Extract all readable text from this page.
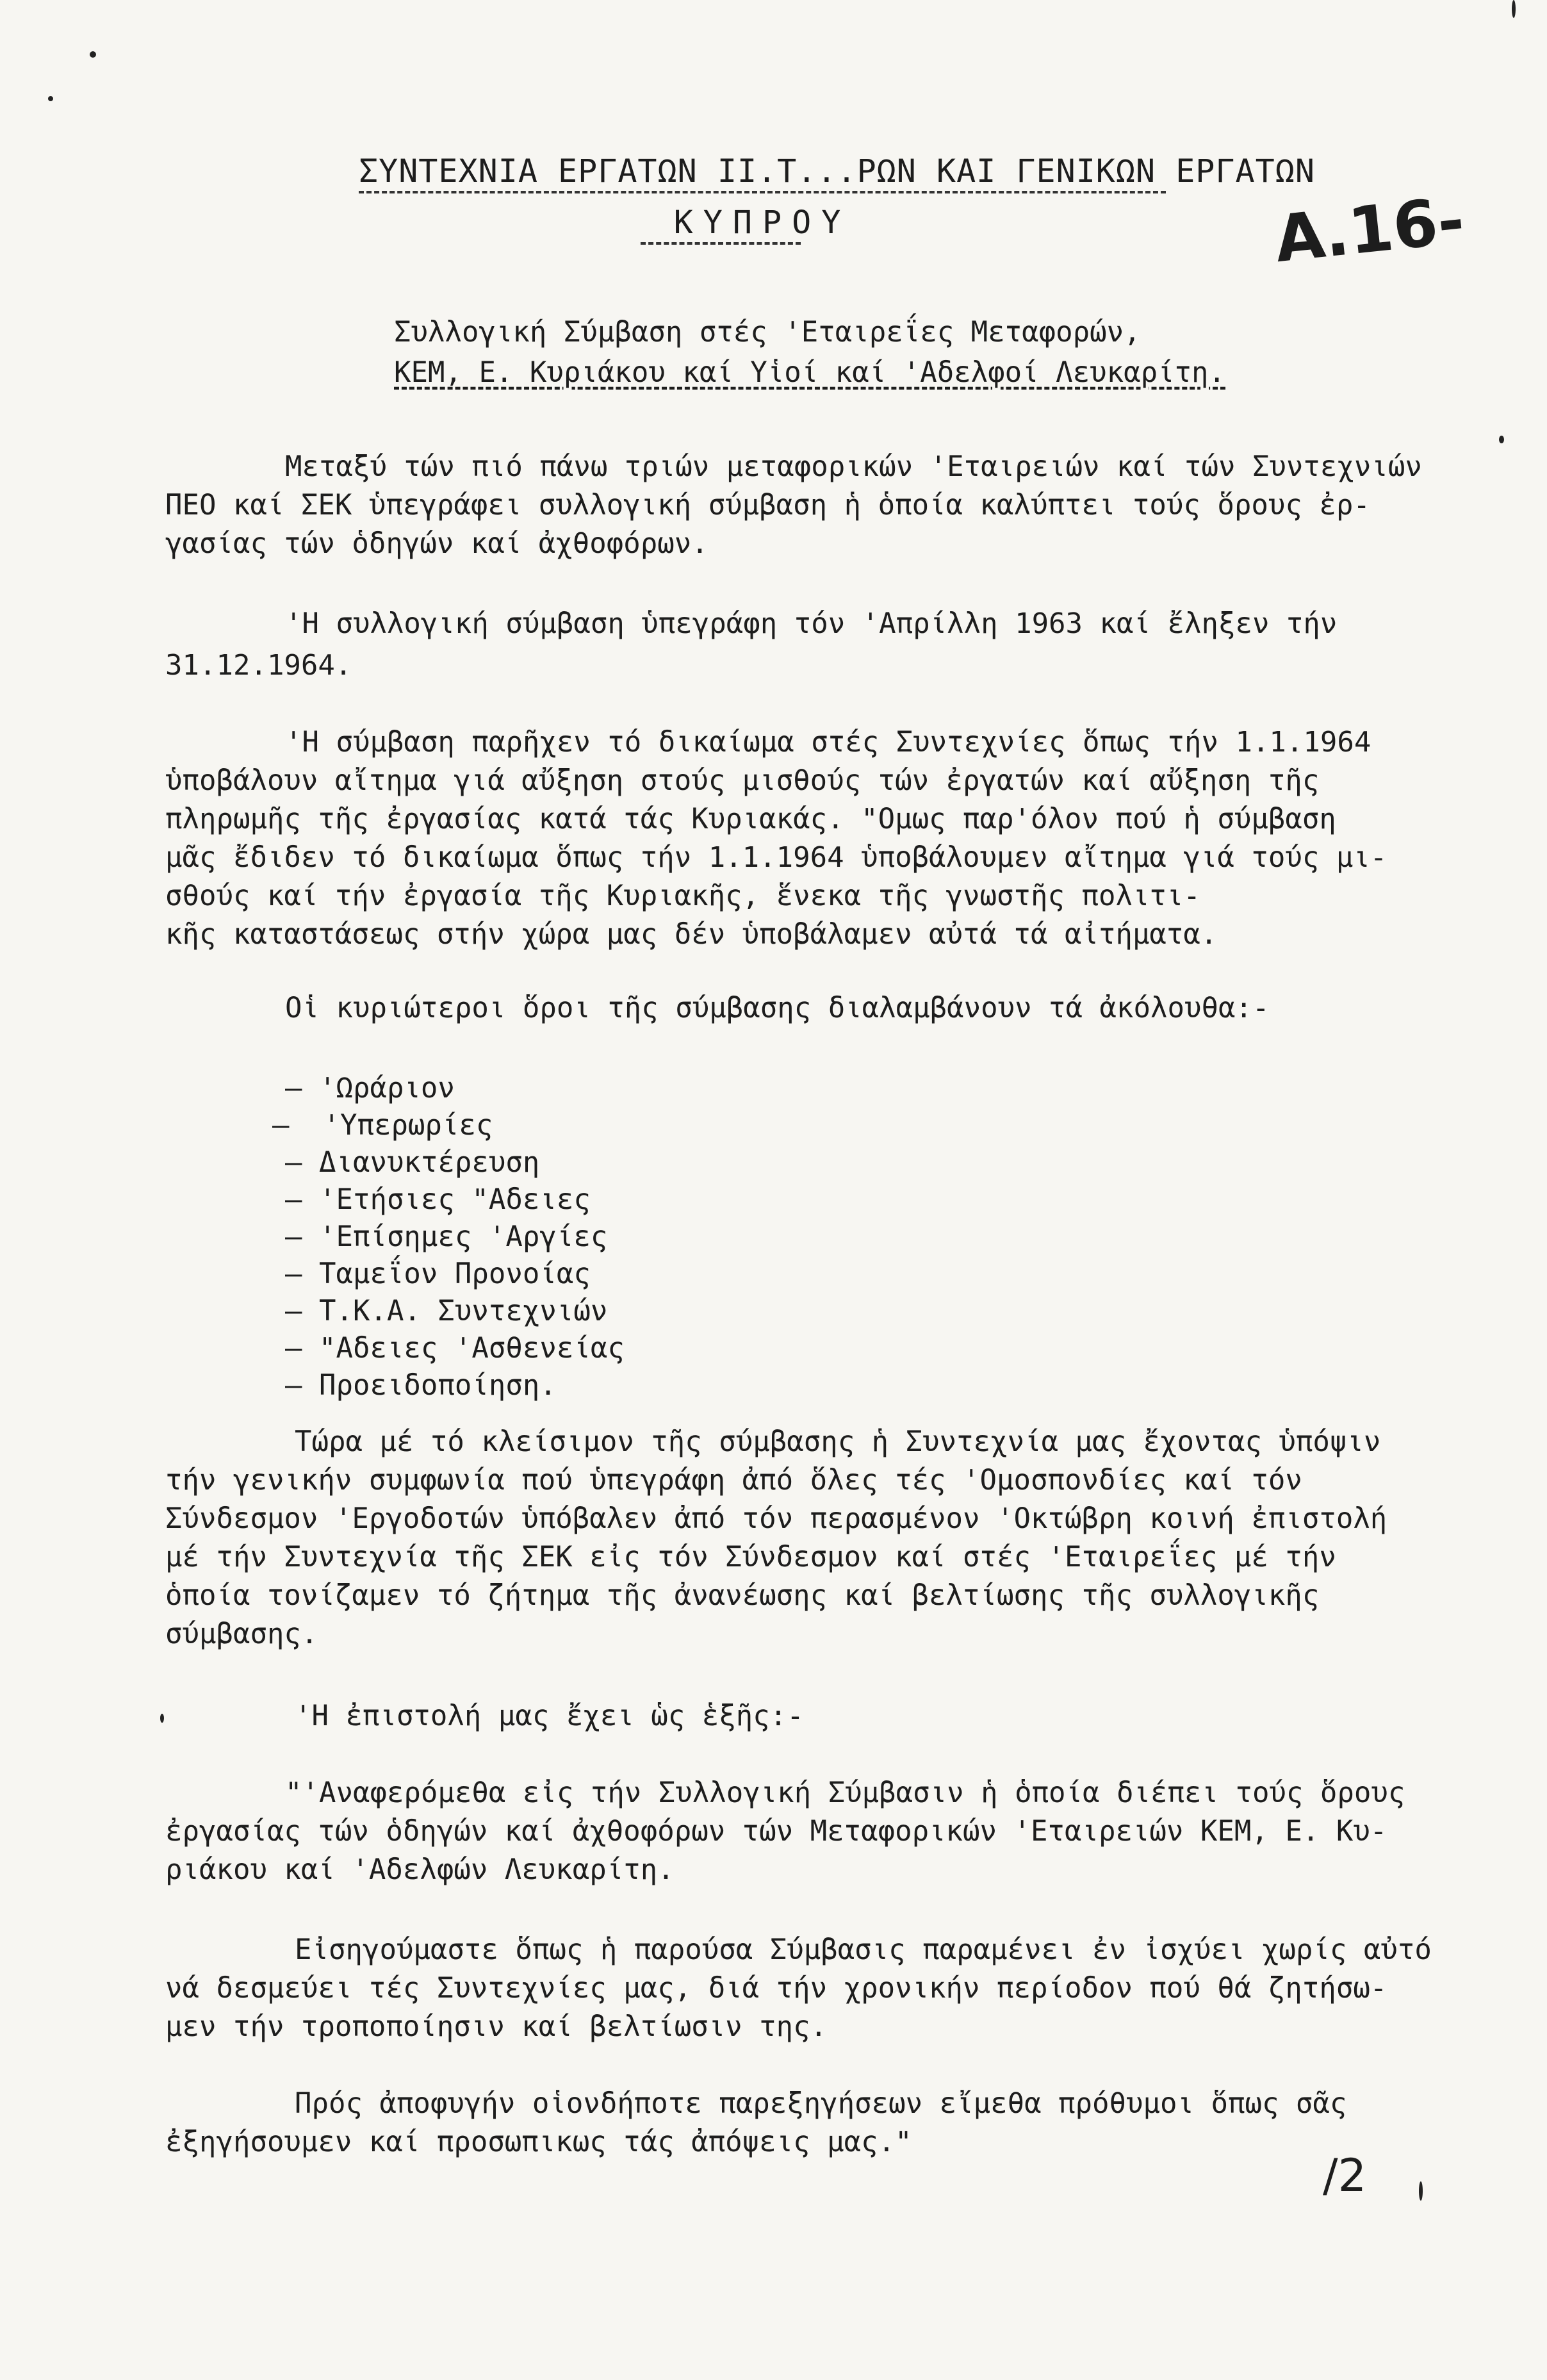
ΣΥΝΤΕΧΝΙΑ ΕΡΓΑΤΩΝ ΙΙ.Τ...ΡΩΝ ΚΑΙ ΓΕΝΙΚΩΝ ΕΡΓΑΤΩΝ
ΚΥΠΡΟΥ	Α.16-
Συλλογική Σύμβαση στές 'Εταιρεΐες Μεταφορών,
ΚΕΜ, Ε. Κυριάκου καί Υἱοί καί 'Αδελφοί Λευκαρίτη.
Μεταξύ τών πιό πάνω τριών μεταφορικών 'Εταιρειών καί τών Συντεχνιών
ΠΕΟ καί ΣΕΚ ὑπεγράφει συλλογική σύμβαση ἡ ὁποία καλύπτει τούς ὅρους ἐρ-
γασίας τών ὁδηγών καί ἀχθοφόρων.
'Η συλλογική σύμβαση ὑπεγράφη τόν 'Απρίλλη 1963 καί ἔληξεν τήν
31.12.1964.
'Η σύμβαση παρῆχεν τό δικαίωμα στές Συντεχνίες ὅπως τήν 1.1.1964
ὑποβάλουν αἴτημα γιά αὔξηση στούς μισθούς τών ἐργατών καί αὔξηση τῆς
πληρωμῆς τῆς ἐργασίας κατά τάς Κυριακάς. "Ομως παρ'όλον πού ἡ σύμβαση
μᾶς ἔδιδεν τό δικαίωμα ὅπως τήν 1.1.1964 ὑποβάλουμεν αἴτημα γιά τούς μι-
σθούς καί τήν ἐργασία τῆς Κυριακῆς, ἕνεκα τῆς γνωστῆς πολιτι-
κῆς καταστάσεως στήν χώρα μας δέν ὑποβάλαμεν αὐτά τά αἰτήματα.
Οἱ κυριώτεροι ὅροι τῆς σύμβασης διαλαμβάνουν τά ἀκόλουθα:-
– 'Ωράριον
–  'Υπερωρίες
– Διανυκτέρευση
– 'Ετήσιες "Αδειες
– 'Επίσημες 'Αργίες
– Ταμεΐον Προνοίας
– Τ.Κ.Α. Συντεχνιών
– "Αδειες 'Ασθενείας
– Προειδοποίηση.
Τώρα μέ τό κλείσιμον τῆς σύμβασης ἡ Συντεχνία μας ἔχοντας ὑπόψιν
τήν γενικήν συμφωνία πού ὑπεγράφη ἀπό ὅλες τές 'Ομοσπονδίες καί τόν
Σύνδεσμον 'Εργοδοτών ὑπόβαλεν ἀπό τόν περασμένον 'Οκτώβρη κοινή ἐπιστολή
μέ τήν Συντεχνία τῆς ΣΕΚ εἰς τόν Σύνδεσμον καί στές 'Εταιρεΐες μέ τήν
ὁποία τονίζαμεν τό ζήτημα τῆς ἀνανέωσης καί βελτίωσης τῆς συλλογικῆς
σύμβασης.
'Η ἐπιστολή μας ἔχει ὡς ἑξῆς:-
"'Αναφερόμεθα εἰς τήν Συλλογική Σύμβασιν ἡ ὁποία διέπει τούς ὅρους
ἐργασίας τών ὁδηγών καί ἀχθοφόρων τών Μεταφορικών 'Εταιρειών ΚΕΜ, Ε. Κυ-
ριάκου καί 'Αδελφών Λευκαρίτη.
Εἰσηγούμαστε ὅπως ἡ παρούσα Σύμβασις παραμένει ἐν ἰσχύει χωρίς αὐτό
νά δεσμεύει τές Συντεχνίες μας, διά τήν χρονικήν περίοδον πού θά ζητήσω-
μεν τήν τροποποίησιν καί βελτίωσιν της.
Πρός ἀποφυγήν οἱονδήποτε παρεξηγήσεων εἴμεθα πρόθυμοι ὅπως σᾶς
ἐξηγήσουμεν καί προσωπικως τάς ἀπόψεις μας."
/2
